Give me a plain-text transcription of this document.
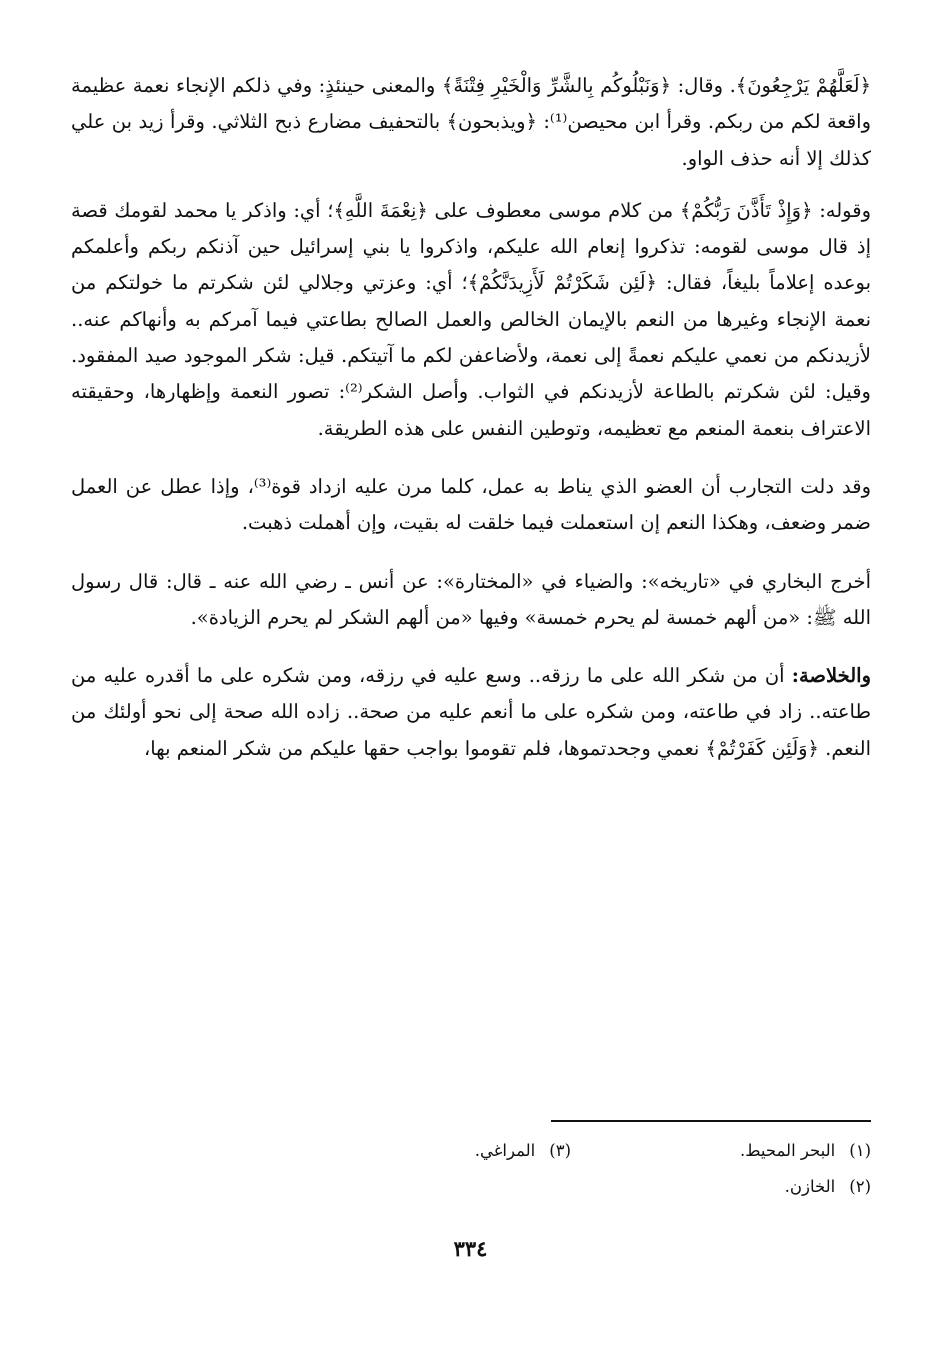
﴿لَعَلَّهُمْ يَرْجِعُونَ﴾. وقال: ﴿وَنَبْلُوكُم بِالشَّرِّ وَالْخَيْرِ فِتْنَةً﴾ والمعنى حينئذٍ: وفي ذلكم الإنجاء نعمة عظيمة واقعة لكم من ربكم. وقرأ ابن محيصن⁽¹⁾: ﴿ويذبحون﴾ بالتحفيف مضارع ذبح الثلاثي. وقرأ زيد بن علي كذلك إلا أنه حذف الواو.

وقوله: ﴿وَإِذْ تَأَذَّنَ رَبُّكُمْ﴾ من كلام موسى معطوف على ﴿نِعْمَةَ اللَّهِ﴾؛ أي: واذكر يا محمد لقومك قصة إذ قال موسى لقومه: تذكروا إنعام الله عليكم، واذكروا يا بني إسرائيل حين آذنكم ربكم وأعلمكم بوعده إعلاماً بليغاً، فقال: ﴿لَئِن شَكَرْتُمْ لَأَزِيدَنَّكُمْ﴾؛ أي: وعزتي وجلالي لئن شكرتم ما خولتكم من نعمة الإنجاء وغيرها من النعم بالإيمان الخالص والعمل الصالح بطاعتي فيما آمركم به وأنهاكم عنه.. لأزيدنكم من نعمي عليكم نعمةً إلى نعمة، ولأضاعفن لكم ما آتيتكم. قيل: شكر الموجود صيد المفقود. وقيل: لئن شكرتم بالطاعة لأزيدنكم في الثواب. وأصل الشكر⁽²⁾: تصور النعمة وإظهارها، وحقيقته الاعتراف بنعمة المنعم مع تعظيمه، وتوطين النفس على هذه الطريقة.

وقد دلت التجارب أن العضو الذي يناط به عمل، كلما مرن عليه ازداد قوة⁽³⁾، وإذا عطل عن العمل ضمر وضعف، وهكذا النعم إن استعملت فيما خلقت له بقيت، وإن أهملت ذهبت.

أخرج البخاري في «تاريخه»: والضياء في «المختارة»: عن أنس ـ رضي الله عنه ـ قال: قال رسول الله ﷺ: «من ألهم خمسة لم يحرم خمسة» وفيها «من ألهم الشكر لم يحرم الزيادة».

والخلاصة: أن من شكر الله على ما رزقه.. وسع عليه في رزقه، ومن شكره على ما أقدره عليه من طاعته.. زاد في طاعته، ومن شكره على ما أنعم عليه من صحة.. زاده الله صحة إلى نحو أولئك من النعم. ﴿وَلَئِن كَفَرْتُمْ﴾ نعمي وجحدتموها، فلم تقوموا بواجب حقها عليكم من شكر المنعم بها،

(١)البحر المحيط.
(٣)المراغي.
(٢)الخازن.
٣٣٤
